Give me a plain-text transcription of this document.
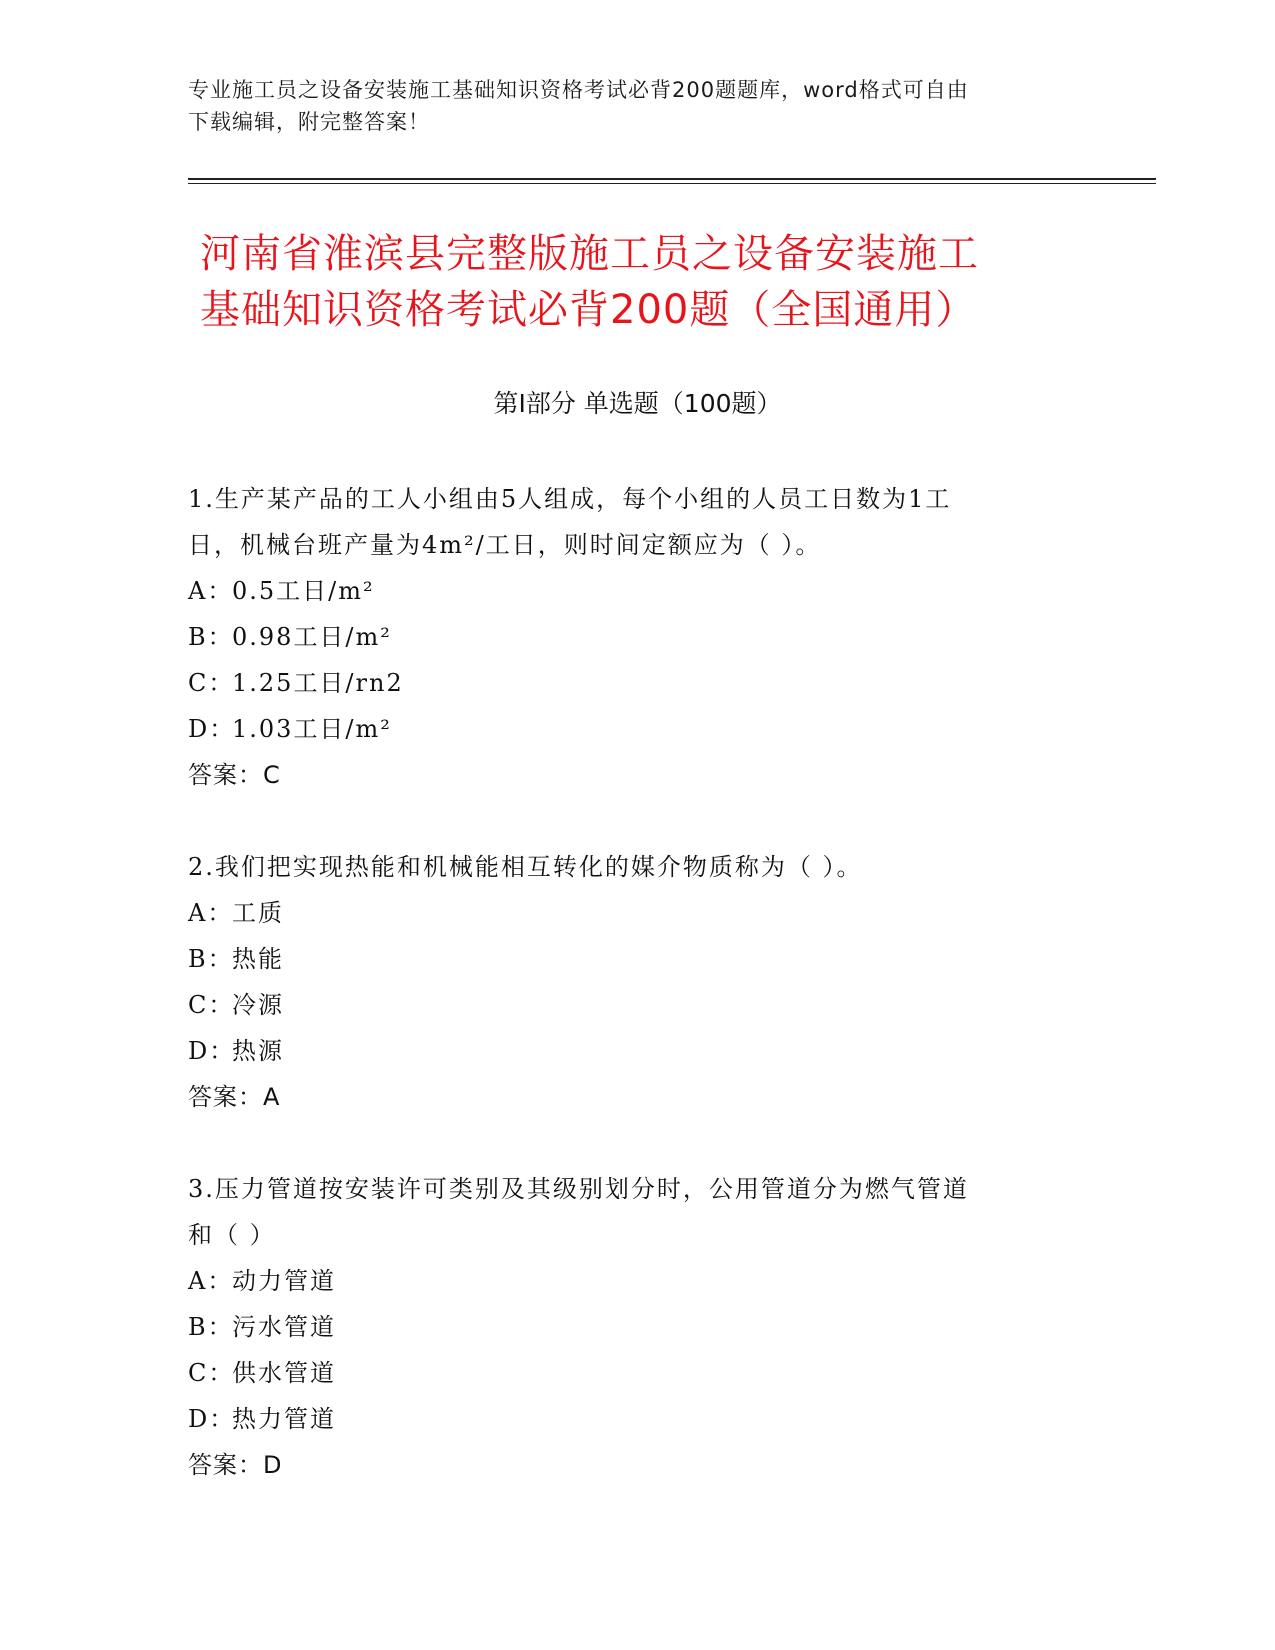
专业施工员之设备安装施工基础知识资格考试必背200题题库，word格式可自由
下载编辑，附完整答案！
河南省淮滨县完整版施工员之设备安装施工
基础知识资格考试必背200题（全国通用）
第Ⅰ部分 单选题（100题）
1.生产某产品的工人小组由5人组成，每个小组的人员工日数为1工
日，机械台班产量为4m²/工日，则时间定额应为（ ）。
A：0.5工日/m²
B：0.98工日/m²
C：1.25工日/rn2
D：1.03工日/m²
答案：C
2.我们把实现热能和机械能相互转化的媒介物质称为（ ）。
A：工质
B：热能
C：冷源
D：热源
答案：A
3.压力管道按安装许可类别及其级别划分时，公用管道分为燃气管道
和（ ）
A：动力管道
B：污水管道
C：供水管道
D：热力管道
答案：D
